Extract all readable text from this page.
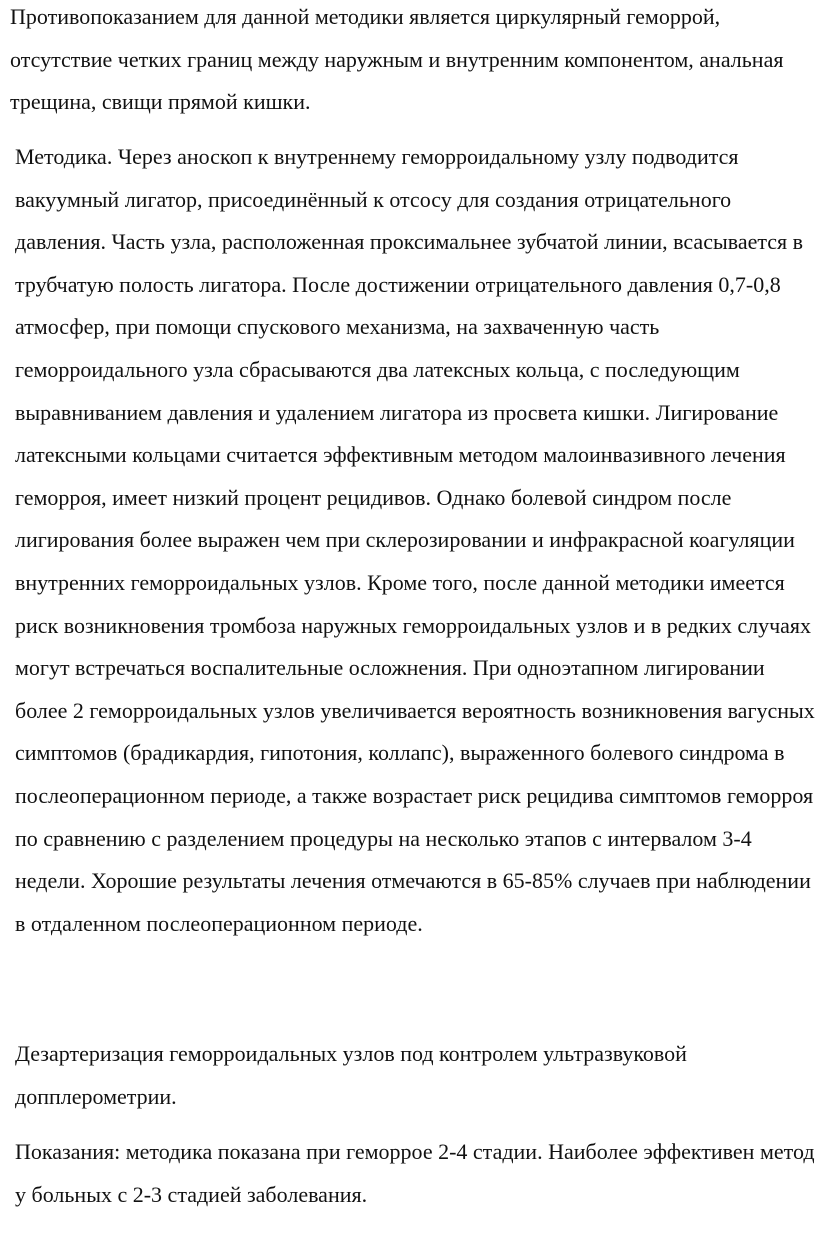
Противопоказанием для данной методики является циркулярный геморрой, отсутствие четких границ между наружным и внутренним компонентом, анальная трещина, свищи прямой кишки.

Методика. Через аноскоп к внутреннему геморроидальному узлу подводится вакуумный лигатор, присоединённый к отсосу для создания отрицательного давления. Часть узла, расположенная проксимальнее зубчатой линии, всасывается в трубчатую полость лигатора. После достижении отрицательного давления 0,7-0,8 атмосфер, при помощи спускового механизма, на захваченную часть геморроидального узла сбрасываются два латексных кольца, с последующим выравниванием давления и удалением лигатора из просвета кишки. Лигирование латексными кольцами считается эффективным методом малоинвазивного лечения геморроя, имеет низкий процент рецидивов. Однако болевой синдром после лигирования более выражен чем при склерозировании и инфракрасной коагуляции внутренних геморроидальных узлов. Кроме того, после данной методики имеется риск возникновения тромбоза наружных геморроидальных узлов и в редких случаях могут встречаться воспалительные осложнения. При одноэтапном лигировании более 2 геморроидальных узлов увеличивается вероятность возникновения вагусных симптомов (брадикардия, гипотония, коллапс), выраженного болевого синдрома в послеоперационном периоде, а также возрастает риск рецидива симптомов геморроя по сравнению с разделением процедуры на несколько этапов с интервалом 3-4 недели. Хорошие результаты лечения отмечаются в 65-85% случаев при наблюдении в отдаленном послеоперационном периоде.

Дезартеризация геморроидальных узлов под контролем ультразвуковой допплерометрии.

Показания: методика показана при геморрое 2-4 стадии. Наиболее эффективен метод у больных с 2-3 стадией заболевания.
